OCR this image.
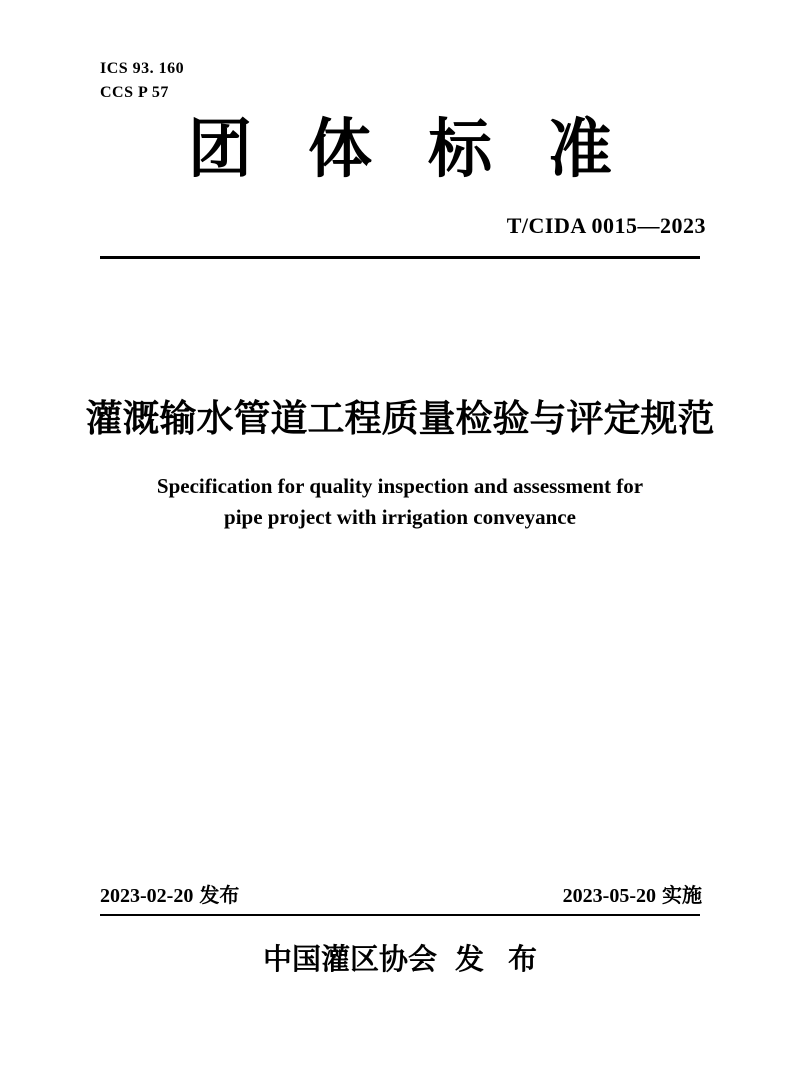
ICS 93. 160
CCS P 57
团体标准
T/CIDA 0015—2023
灌溉输水管道工程质量检验与评定规范
Specification for quality inspection and assessment for
pipe project with irrigation conveyance
2023-02-20 发布	2023-05-20 实施
中国灌区协会 发布
